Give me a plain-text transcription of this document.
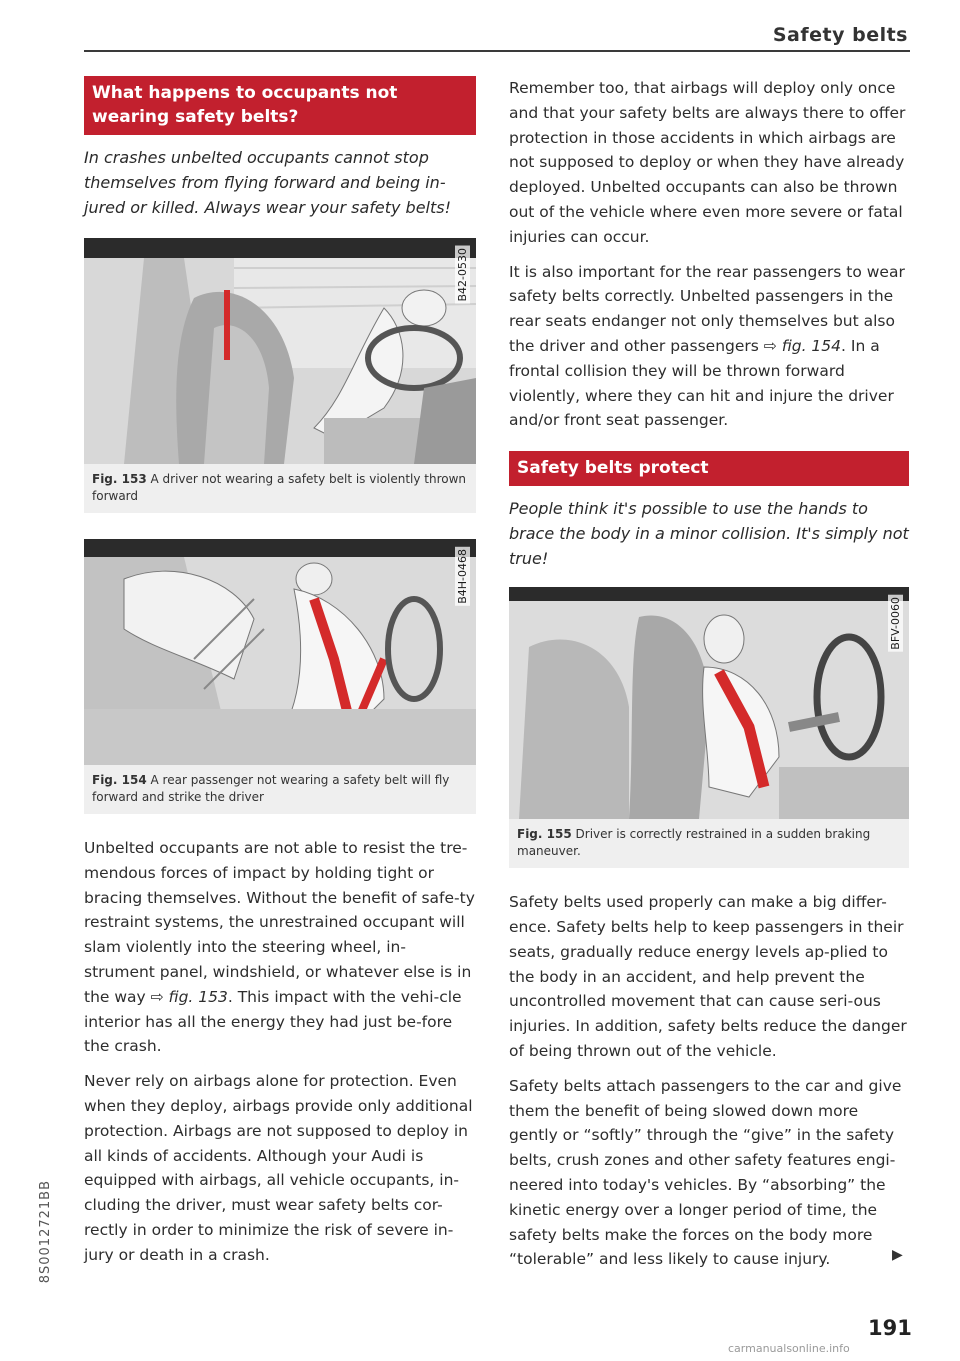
Safety belts
What happens to occupants not wearing safety belts?

In crashes unbelted occupants cannot stop themselves from flying forward and being in-jured or killed. Always wear your safety belts!

B42-0530
Fig. 153 A driver not wearing a safety belt is violently thrown forward
B4H-0468
Fig. 154 A rear passenger not wearing a safety belt will fly forward and strike the driver

Unbelted occupants are not able to resist the tre-mendous forces of impact by holding tight or bracing themselves. Without the benefit of safe-ty restraint systems, the unrestrained occupant will slam violently into the steering wheel, in-strument panel, windshield, or whatever else is in the way ⇨ fig. 153. This impact with the vehi-cle interior has all the energy they had just be-fore the crash.

Never rely on airbags alone for protection. Even when they deploy, airbags provide only additional protection. Airbags are not supposed to deploy in all kinds of accidents. Although your Audi is equipped with airbags, all vehicle occupants, in-cluding the driver, must wear safety belts cor-rectly in order to minimize the risk of severe in-jury or death in a crash.

Remember too, that airbags will deploy only once and that your safety belts are always there to offer protection in those accidents in which airbags are not supposed to deploy or when they have already deployed. Unbelted occupants can also be thrown out of the vehicle where even more severe or fatal injuries can occur.

It is also important for the rear passengers to wear safety belts correctly. Unbelted passengers in the rear seats endanger not only themselves but also the driver and other passengers ⇨ fig. 154. In a frontal collision they will be thrown forward violently, where they can hit and injure the driver and/or front seat passenger.

Safety belts protect

People think it's possible to use the hands to brace the body in a minor collision. It's simply not true!

BFV-0060
Fig. 155 Driver is correctly restrained in a sudden braking maneuver.

Safety belts used properly can make a big differ-ence. Safety belts help to keep passengers in their seats, gradually reduce energy levels ap-plied to the body in an accident, and help prevent the uncontrolled movement that can cause seri-ous injuries. In addition, safety belts reduce the danger of being thrown out of the vehicle.

Safety belts attach passengers to the car and give them the benefit of being slowed down more gently or “softly” through the “give” in the safety belts, crush zones and other safety features engi-neered into today's vehicles. By “absorbing” the kinetic energy over a longer period of time, the safety belts make the forces on the body more “tolerable” and less likely to cause injury.

8S0012721BB	▶
191
carmanualsonline.info
